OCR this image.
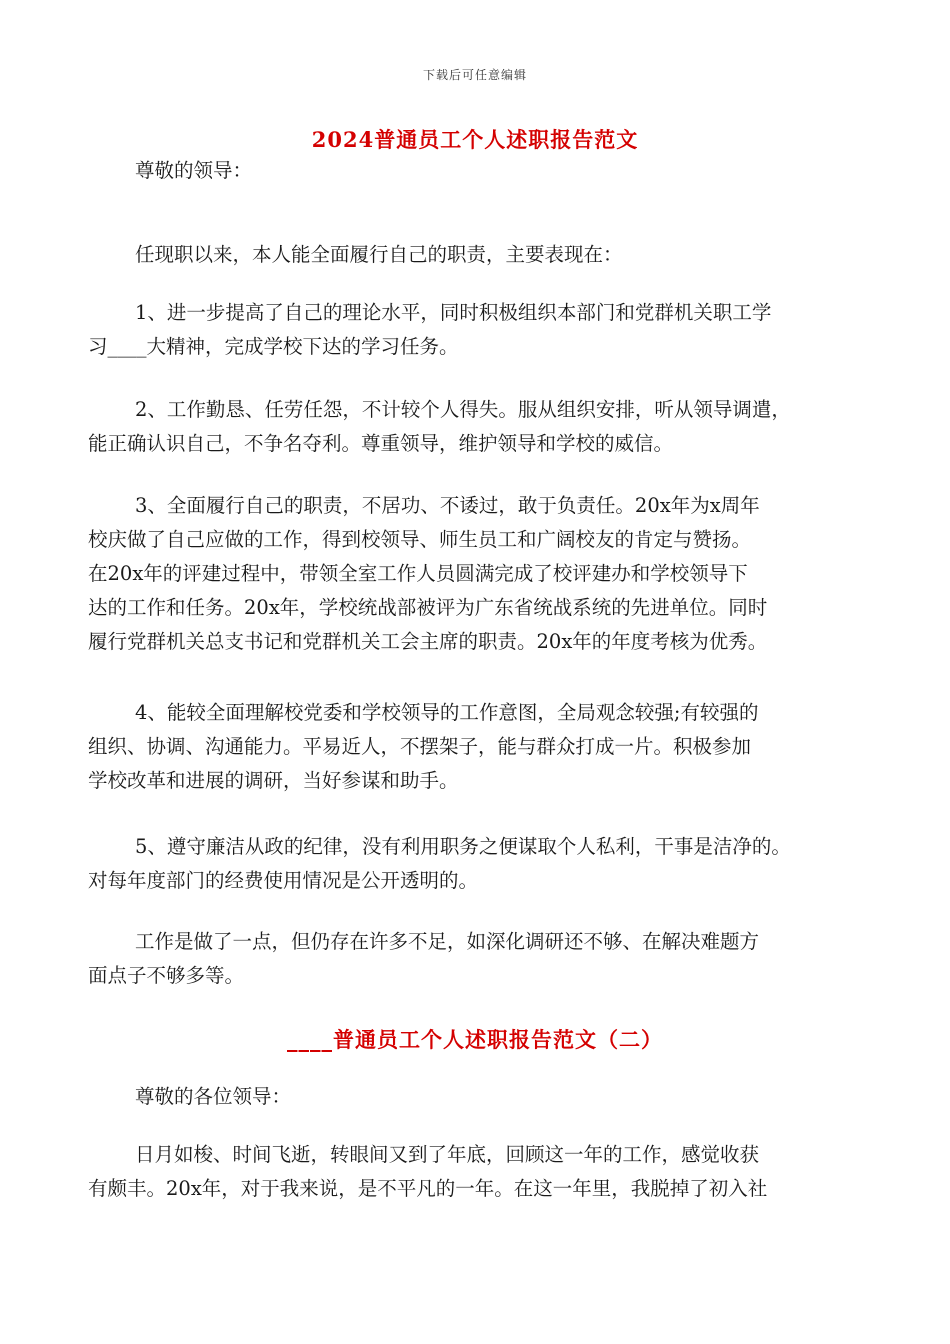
下载后可任意编辑
2024普通员工个人述职报告范文

尊敬的领导：

任现职以来，本人能全面履行自己的职责，主要表现在：

1、进一步提高了自己的理论水平，同时积极组织本部门和党群机关职工学
习____大精神，完成学校下达的学习任务。

2、工作勤恳、任劳任怨，不计较个人得失。服从组织安排，听从领导调遣，
能正确认识自己，不争名夺利。尊重领导，维护领导和学校的威信。

3、全面履行自己的职责，不居功、不诿过，敢于负责任。20x年为x周年
校庆做了自己应做的工作，得到校领导、师生员工和广阔校友的肯定与赞扬。
在20x年的评建过程中，带领全室工作人员圆满完成了校评建办和学校领导下
达的工作和任务。20x年，学校统战部被评为广东省统战系统的先进单位。同时
履行党群机关总支书记和党群机关工会主席的职责。20x年的年度考核为优秀。

4、能较全面理解校党委和学校领导的工作意图，全局观念较强;有较强的
组织、协调、沟通能力。平易近人，不摆架子，能与群众打成一片。积极参加
学校改革和进展的调研，当好参谋和助手。

5、遵守廉洁从政的纪律，没有利用职务之便谋取个人私利，干事是洁净的。
对每年度部门的经费使用情况是公开透明的。

工作是做了一点，但仍存在许多不足，如深化调研还不够、在解决难题方
面点子不够多等。

____普通员工个人述职报告范文（二）

尊敬的各位领导：

日月如梭、时间飞逝，转眼间又到了年底，回顾这一年的工作，感觉收获
有颇丰。20x年，对于我来说，是不平凡的一年。在这一年里，我脱掉了初入社
